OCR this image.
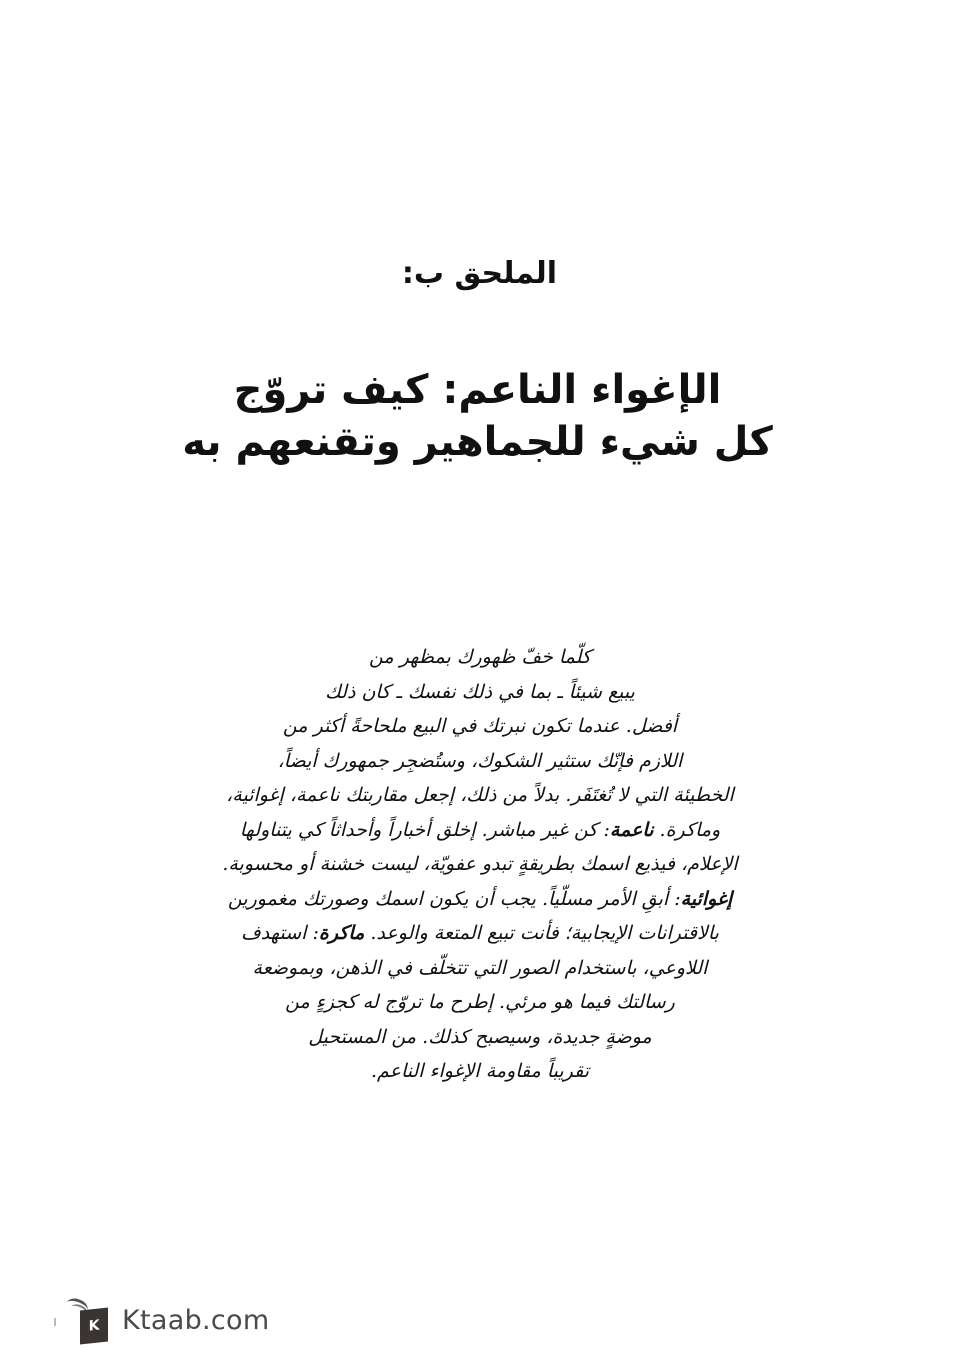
الملحق ب:
الإغواء الناعم: كيف تروّج
كل شيء للجماهير وتقنعهم به
كلّما خفّ ظهورك بمظهر من
يبيع شيئاً ـ بما في ذلك نفسك ـ كان ذلك
أفضل. عندما تكون نبرتك في البيع ملحاحةً أكثر من
اللازم فإنّك ستثير الشكوك، وستُضجِر جمهورك أيضاً،
الخطيئة التي لا تُغتَفَر. بدلاً من ذلك، إجعل مقاربتك ناعمة، إغوائية،
وماكرة. ناعمة: كن غير مباشر. إخلق أخباراً وأحداثاً كي يتناولها
الإعلام، فيذيع اسمك بطريقةٍ تبدو عفويّة، ليست خشنة أو محسوبة.
إغوائية: أبقِ الأمر مسلّياً. يجب أن يكون اسمك وصورتك مغمورين
بالاقترانات الإيجابية؛ فأنت تبيع المتعة والوعد. ماكرة: استهدف
اللاوعي، باستخدام الصور التي تتخلّف في الذهن، وبموضعة
رسالتك فيما هو مرئي. إطرح ما تروّج له كجزءٍ من
موضةٍ جديدة، وسيصبح كذلك. من المستحيل
تقريباً مقاومة الإغواء الناعم.
K Ktaab.com
